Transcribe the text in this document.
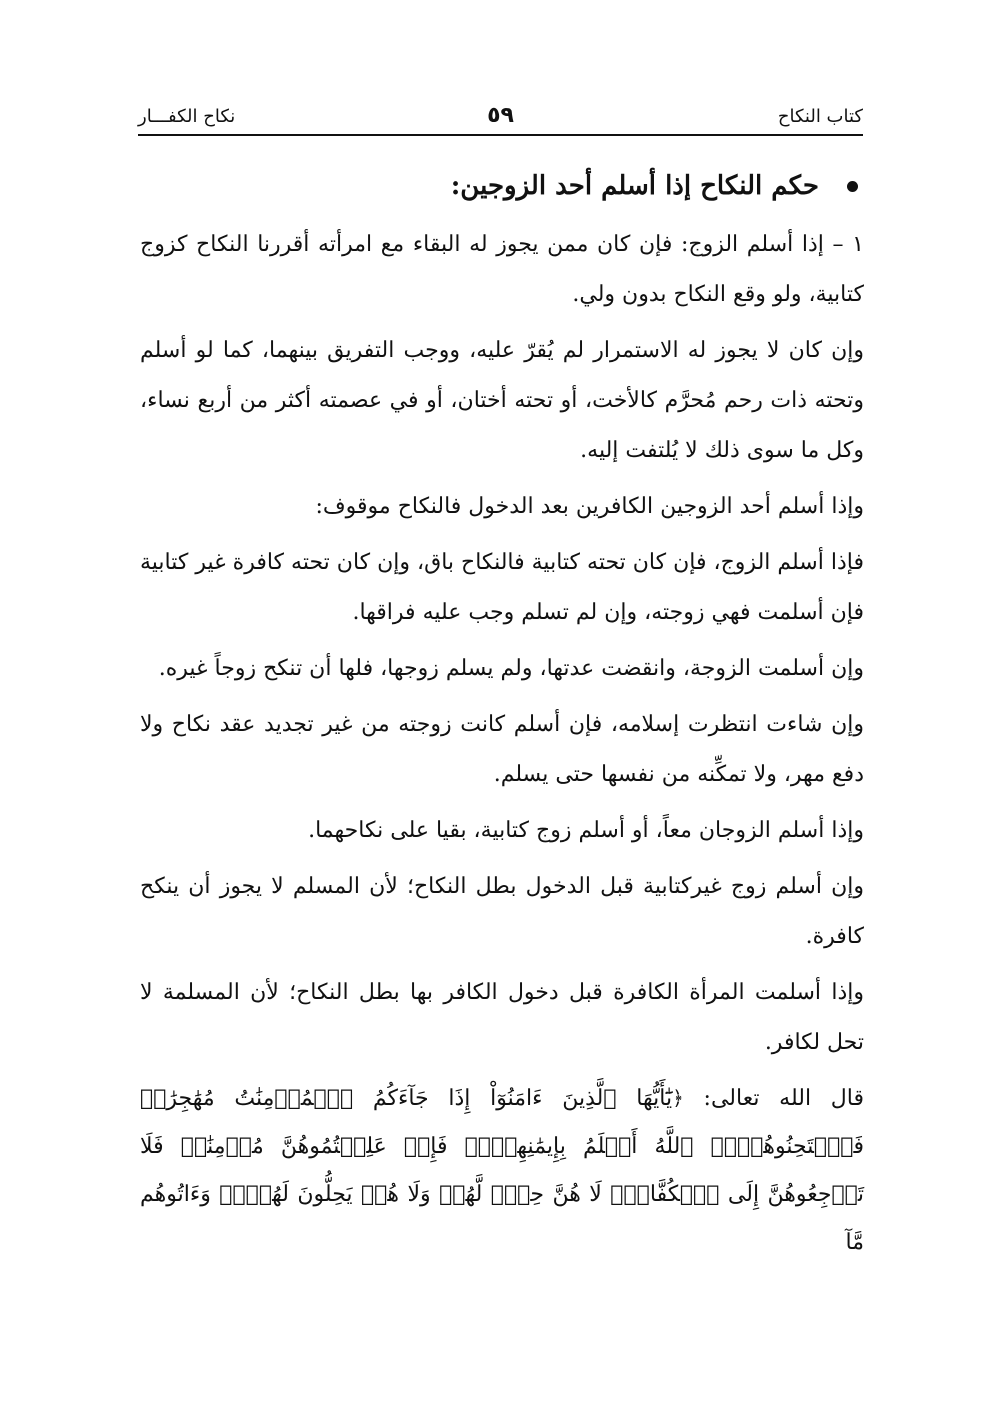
كتاب النكاح
٥٩
نكاح الكفـــار
حكم النكاح إذا أسلم أحد الزوجين:

١ – إذا أسلم الزوج: فإن كان ممن يجوز له البقاء مع امرأته أقررنا النكاح كزوج كتابية، ولو وقع النكاح بدون ولي.

وإن كان لا يجوز له الاستمرار لم يُقرّ عليه، ووجب التفريق بينهما، كما لو أسلم وتحته ذات رحم مُحرَّم كالأخت، أو تحته أختان، أو في عصمته أكثر من أربع نساء، وكل ما سوى ذلك لا يُلتفت إليه.

وإذا أسلم أحد الزوجين الكافرين بعد الدخول فالنكاح موقوف:

فإذا أسلم الزوج، فإن كان تحته كتابية فالنكاح باق، وإن كان تحته كافرة غير كتابية فإن أسلمت فهي زوجته، وإن لم تسلم وجب عليه فراقها.

وإن أسلمت الزوجة، وانقضت عدتها، ولم يسلم زوجها، فلها أن تنكح زوجاً غيره.

وإن شاءت انتظرت إسلامه، فإن أسلم كانت زوجته من غير تجديد عقد نكاح ولا دفع مهر، ولا تمكِّنه من نفسها حتى يسلم.

وإذا أسلم الزوجان معاً، أو أسلم زوج كتابية، بقيا على نكاحهما.

وإن أسلم زوج غيركتابية قبل الدخول بطل النكاح؛ لأن المسلم لا يجوز أن ينكح كافرة.

وإذا أسلمت المرأة الكافرة قبل دخول الكافر بها بطل النكاح؛ لأن المسلمة لا تحل لكافر.

قال الله تعالى: ﴿يَٰٓأَيُّهَا ٱلَّذِينَ ءَامَنُوٓاْ إِذَا جَآءَكُمُ ٱلۡمُؤۡمِنَٰتُ مُهَٰجِرَٰتٖ فَٱمۡتَحِنُوهُنَّۖ ٱللَّهُ أَعۡلَمُ بِإِيمَٰنِهِنَّۖ فَإِنۡ عَلِمۡتُمُوهُنَّ مُؤۡمِنَٰتٖ فَلَا تَرۡجِعُوهُنَّ إِلَى ٱلۡكُفَّارِۖ لَا هُنَّ حِلّٞ لَّهُمۡ وَلَا هُمۡ يَحِلُّونَ لَهُنَّۖ وَءَاتُوهُم مَّآ
